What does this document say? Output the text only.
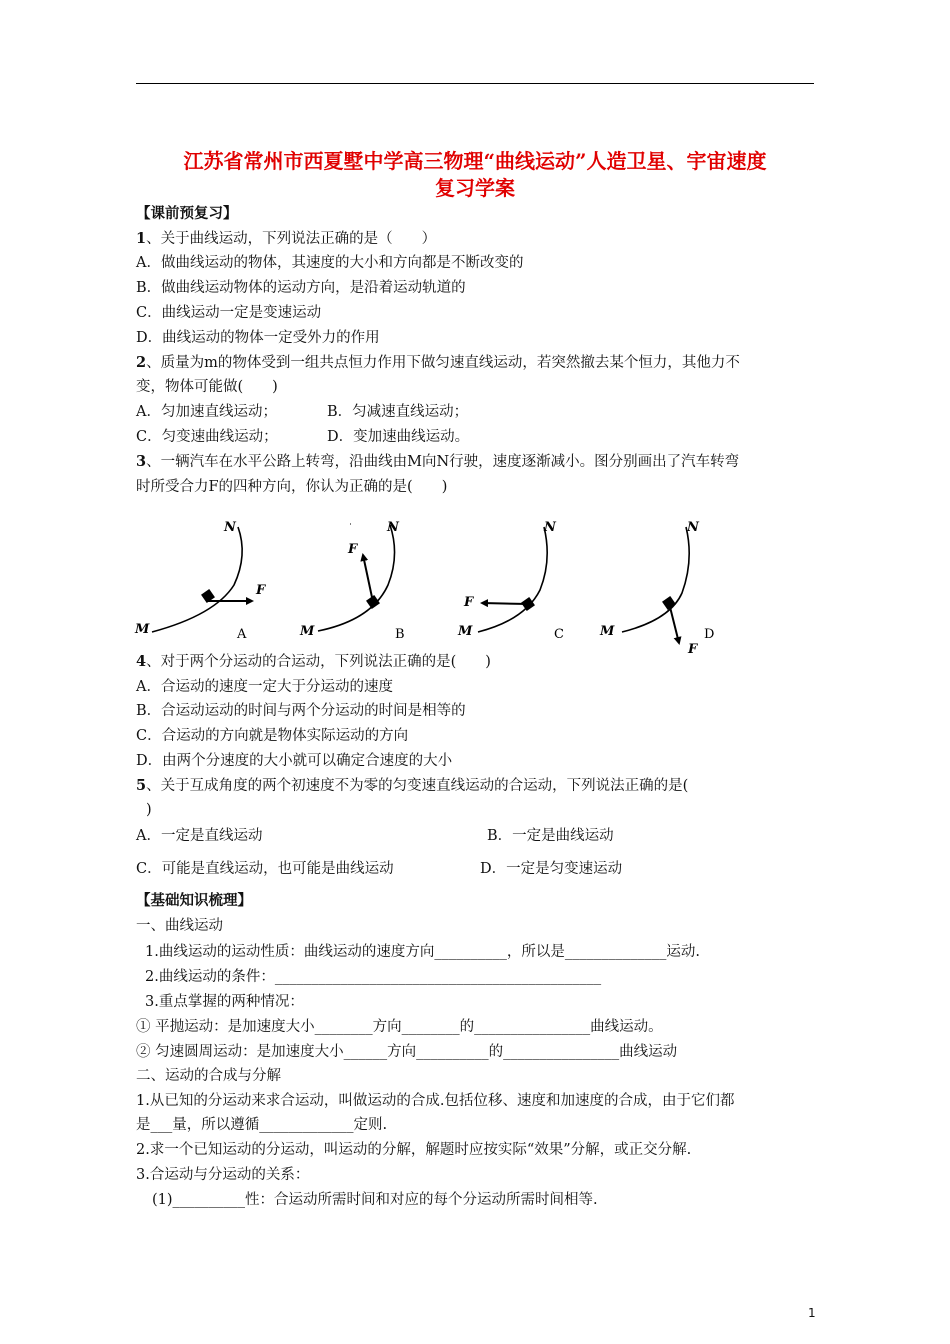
江苏省常州市西夏墅中学高三物理“曲线运动”人造卫星、宇宙速度
复习学案
【课前预复习】
1、关于曲线运动，下列说法正确的是（　　）
A．做曲线运动的物体，其速度的大小和方向都是不断改变的
B．做曲线运动物体的运动方向，是沿着运动轨道的
C．曲线运动一定是变速运动
D．曲线运动的物体一定受外力的作用
2、质量为m的物体受到一组共点恒力作用下做匀速直线运动，若突然撤去某个恒力，其他力不
变，物体可能做(　　)
A．匀加速直线运动；	B．匀减速直线运动；
C．匀变速曲线运动；	D．变加速曲线运动。
3、一辆汽车在水平公路上转弯，沿曲线由M向N行驶，速度逐渐减小。图分别画出了汽车转弯
时所受合力F的四种方向，你认为正确的是(　　)
N
F
M	A
N
F
M	B
N
F
M	C
N
F
M	D
4、对于两个分运动的合运动，下列说法正确的是(　　)
A．合运动的速度一定大于分运动的速度
B．合运动运动的时间与两个分运动的时间是相等的
C．合运动的方向就是物体实际运动的方向
D．由两个分速度的大小就可以确定合速度的大小
5、关于互成角度的两个初速度不为零的匀变速直线运动的合运动，下列说法正确的是(
)
A．一定是直线运动	B．一定是曲线运动
C．可能是直线运动，也可能是曲线运动	D．一定是匀变速运动
【基础知识梳理】
一、曲线运动
1.曲线运动的运动性质：曲线运动的速度方向__________，所以是______________运动.
2.曲线运动的条件：_____________________________________________
3.重点掌握的两种情况：
① 平抛运动：是加速度大小________方向________的________________曲线运动。
② 匀速圆周运动：是加速度大小______方向__________的________________曲线运动
二、运动的合成与分解
1.从已知的分运动来求合运动，叫做运动的合成.包括位移、速度和加速度的合成，由于它们都
是___量，所以遵循_____________定则.
2.求一个已知运动的分运动，叫运动的分解，解题时应按实际“效果”分解，或正交分解.
3.合运动与分运动的关系：
(1)__________性：合运动所需时间和对应的每个分运动所需时间相等.
1
